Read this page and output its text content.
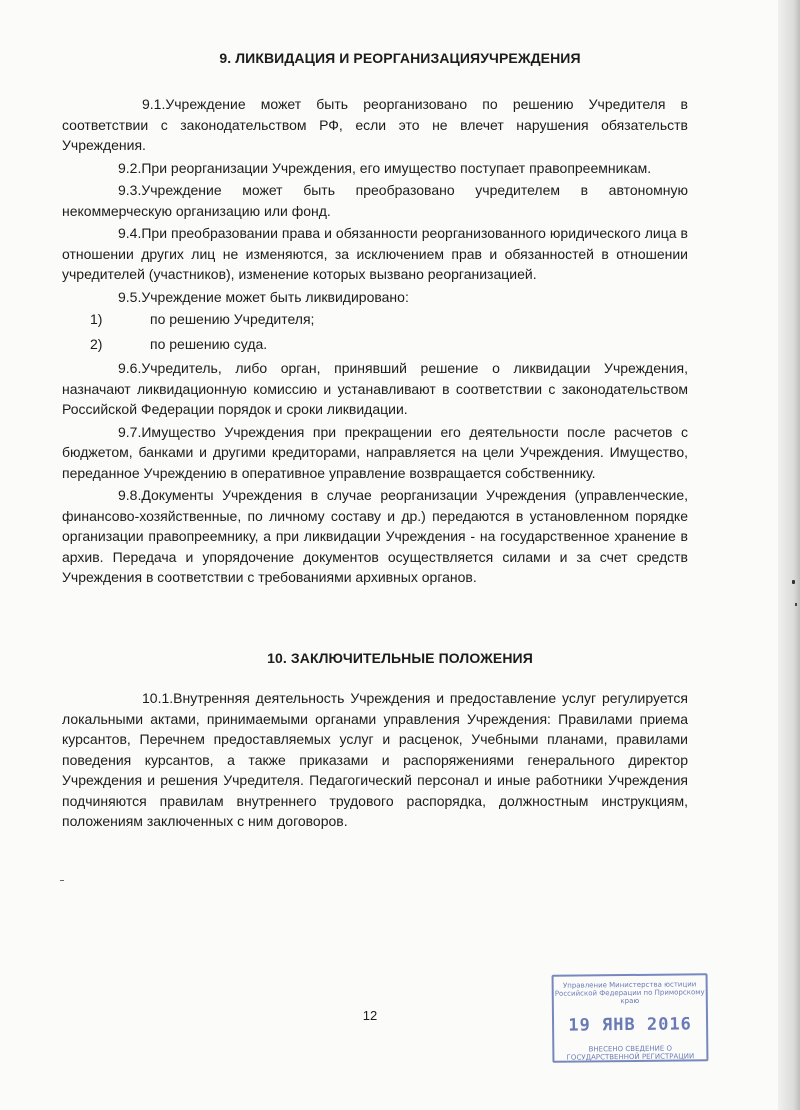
9. ЛИКВИДАЦИЯ И РЕОРГАНИЗАЦИЯУЧРЕЖДЕНИЯ

9.1.Учреждение может быть реорганизовано по решению Учредителя в соответствии с законодательством РФ, если это не влечет нарушения обязательств Учреждения.

9.2.При реорганизации Учреждения, его имущество поступает правопреемникам.

9.3.Учреждение может быть преобразовано учредителем в автономную некоммерческую организацию или фонд.

9.4.При преобразовании права и обязанности реорганизованного юридического лица в отношении других лиц не изменяются, за исключением прав и обязанностей в отношении учредителей (участников), изменение которых вызвано реорганизацией.

9.5.Учреждение может быть ликвидировано:

1)	по решению Учредителя;

2)	по решению суда.

9.6.Учредитель, либо орган, принявший решение о ликвидации Учреждения, назначают ликвидационную комиссию и устанавливают в соответствии с законодательством Российской Федерации порядок и сроки ликвидации.

9.7.Имущество Учреждения при прекращении его деятельности после расчетов с бюджетом, банками и другими кредиторами, направляется на цели Учреждения. Имущество, переданное Учреждению в оперативное управление возвращается собственнику.

9.8.Документы Учреждения в случае реорганизации Учреждения (управленческие, финансово-хозяйственные, по личному составу и др.) передаются в установленном порядке организации правопреемнику, а при ликвидации Учреждения - на государственное хранение в архив. Передача и упорядочение документов осуществляется силами и за счет средств Учреждения в соответствии с требованиями архивных органов.

10. ЗАКЛЮЧИТЕЛЬНЫЕ ПОЛОЖЕНИЯ

10.1.Внутренняя деятельность Учреждения и предоставление услуг регулируется локальными актами, принимаемыми органами управления Учреждения: Правилами приема курсантов, Перечнем предоставляемых услуг и расценок, Учебными планами, правилами поведения курсантов, а также приказами и распоряжениями генерального директор Учреждения и решения Учредителя. Педагогический персонал и иные работники Учреждения подчиняются правилам внутреннего трудового распорядка, должностным инструкциям, положениям заключенных с ним договоров.

12
Управление Министерства юстиции
Российской Федерации по Приморскому краю
19 ЯНВ 2016
ВНЕСЕНО СВЕДЕНИЕ О ГОСУДАРСТВЕННОЙ РЕГИСТРАЦИИ
